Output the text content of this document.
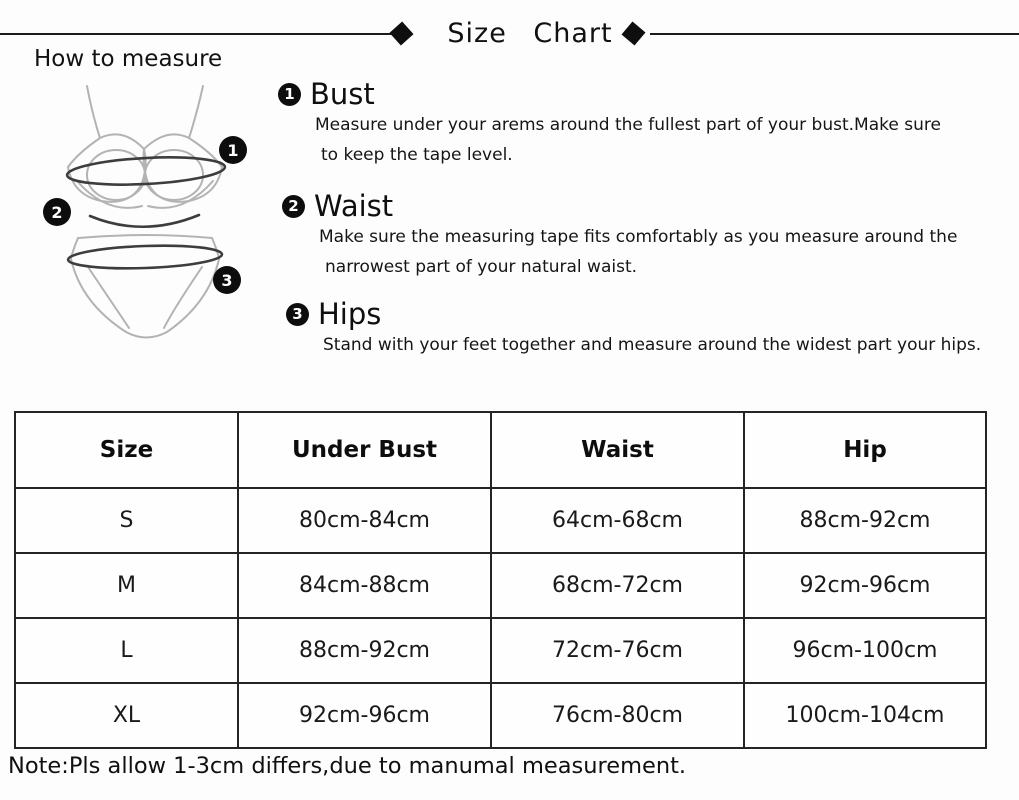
Size Chart
How to measure
1
2
3
1 Bust
Measure under your arems around the fullest part of your bust.Make sure
to keep the tape level.
2 Waist
Make sure the measuring tape fits comfortably as you measure around the
narrowest part of your natural waist.
3 Hips
Stand with your feet together and measure around the widest part your hips.
Size	Under Bust	Waist	Hip
S	80cm-84cm	64cm-68cm	88cm-92cm
M	84cm-88cm	68cm-72cm	92cm-96cm
L	88cm-92cm	72cm-76cm	96cm-100cm
XL	92cm-96cm	76cm-80cm	100cm-104cm
Note:Pls allow 1-3cm differs,due to manumal measurement.
